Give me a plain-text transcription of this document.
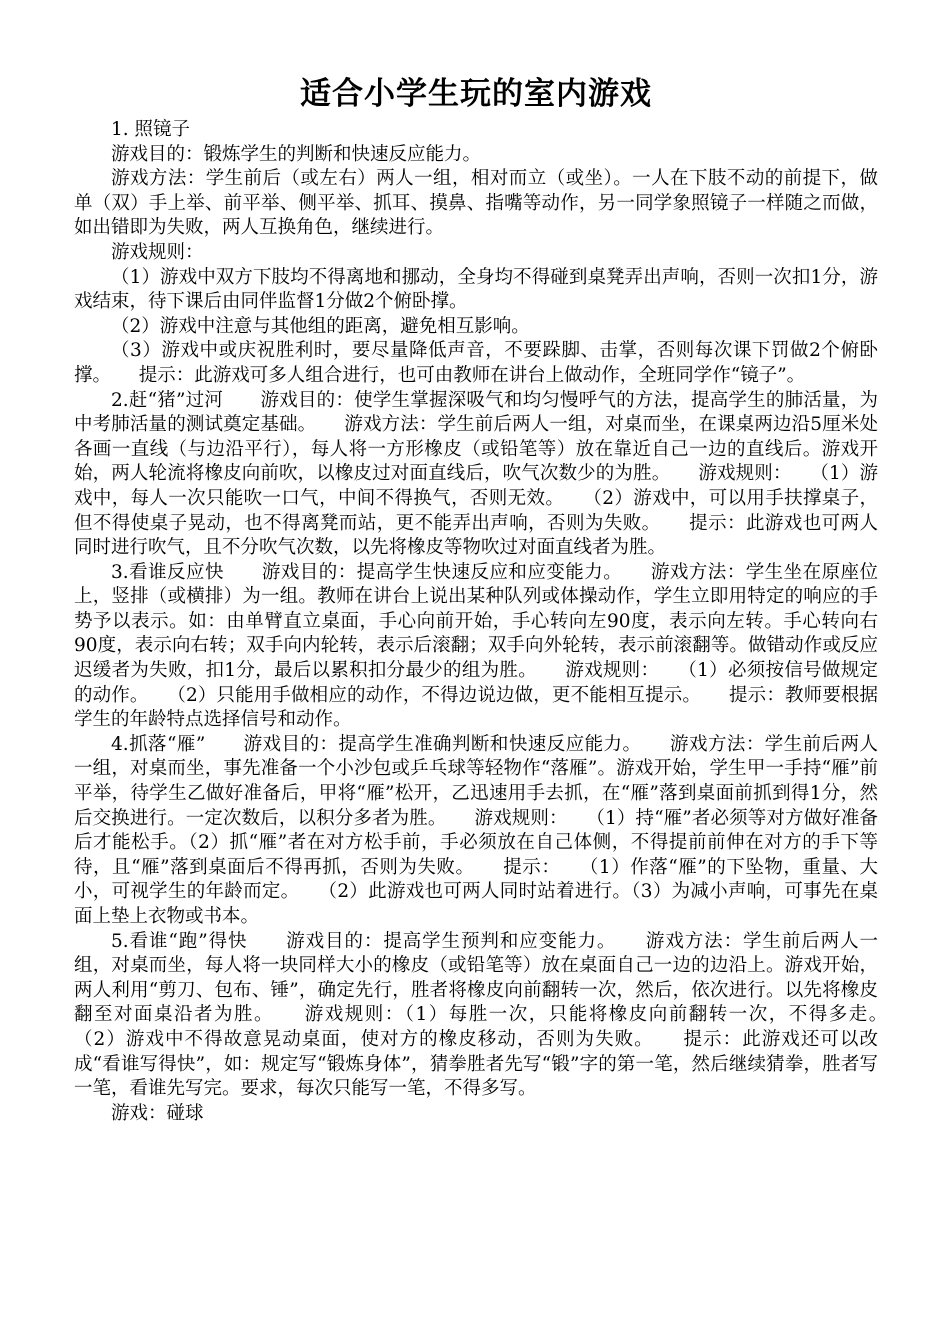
适合小学生玩的室内游戏

1. 照镜子

游戏目的：锻炼学生的判断和快速反应能力。

游戏方法：学生前后（或左右）两人一组，相对而立（或坐）。一人在下肢不动的前提下，做单（双）手上举、前平举、侧平举、抓耳、摸鼻、指嘴等动作，另一同学象照镜子一样随之而做，如出错即为失败，两人互换角色，继续进行。

游戏规则：

（1）游戏中双方下肢均不得离地和挪动，全身均不得碰到桌凳弄出声响，否则一次扣1分，游戏结束，待下课后由同伴监督1分做2个俯卧撑。

（2）游戏中注意与其他组的距离，避免相互影响。

（3）游戏中或庆祝胜利时，要尽量降低声音，不要跺脚、击掌，否则每次课下罚做2个俯卧撑。　　提示：此游戏可多人组合进行，也可由教师在讲台上做动作，全班同学作“镜子”。

2.赶“猪”过河　　游戏目的：使学生掌握深吸气和均匀慢呼气的方法，提高学生的肺活量，为中考肺活量的测试奠定基础。　　游戏方法：学生前后两人一组，对桌而坐，在课桌两边沿5厘米处各画一直线（与边沿平行），每人将一方形橡皮（或铅笔等）放在靠近自己一边的直线后。游戏开始，两人轮流将橡皮向前吹，以橡皮过对面直线后，吹气次数少的为胜。　　游戏规则：　　（1）游戏中，每人一次只能吹一口气，中间不得换气，否则无效。　　（2）游戏中，可以用手扶撑桌子，但不得使桌子晃动，也不得离凳而站，更不能弄出声响，否则为失败。　　提示：此游戏也可两人同时进行吹气，且不分吹气次数，以先将橡皮等物吹过对面直线者为胜。

3.看谁反应快　　游戏目的：提高学生快速反应和应变能力。　　游戏方法：学生坐在原座位上，竖排（或横排）为一组。教师在讲台上说出某种队列或体操动作，学生立即用特定的响应的手势予以表示。如：由单臂直立桌面，手心向前开始，手心转向左90度，表示向左转。手心转向右90度，表示向右转；双手向内轮转，表示后滚翻；双手向外轮转，表示前滚翻等。做错动作或反应迟缓者为失败，扣1分，最后以累积扣分最少的组为胜。　　游戏规则：　　（1）必须按信号做规定的动作。　　（2）只能用手做相应的动作，不得边说边做，更不能相互提示。　　提示：教师要根据学生的年龄特点选择信号和动作。

4.抓落“雁”　　游戏目的：提高学生准确判断和快速反应能力。　　游戏方法：学生前后两人一组，对桌而坐，事先准备一个小沙包或乒乓球等轻物作“落雁”。游戏开始，学生甲一手持“雁”前平举，待学生乙做好准备后，甲将“雁”松开，乙迅速用手去抓，在“雁”落到桌面前抓到得1分，然后交换进行。一定次数后，以积分多者为胜。　　游戏规则：　　（1）持“雁”者必须等对方做好准备后才能松手。（2）抓“雁”者在对方松手前，手必须放在自己体侧，不得提前前伸在对方的手下等待，且“雁”落到桌面后不得再抓，否则为失败。　　提示：　　（1）作落“雁”的下坠物，重量、大小，可视学生的年龄而定。　　（2）此游戏也可两人同时站着进行。（3）为减小声响，可事先在桌面上垫上衣物或书本。

5.看谁“跑”得快　　游戏目的：提高学生预判和应变能力。　　游戏方法：学生前后两人一组，对桌而坐，每人将一块同样大小的橡皮（或铅笔等）放在桌面自己一边的边沿上。游戏开始，两人利用“剪刀、包布、锤”，确定先行，胜者将橡皮向前翻转一次，然后，依次进行。以先将橡皮翻至对面桌沿者为胜。　　游戏规则：（1）每胜一次，只能将橡皮向前翻转一次，不得多走。　　（2）游戏中不得故意晃动桌面，使对方的橡皮移动，否则为失败。　　提示：此游戏还可以改成“看谁写得快”，如：规定写“锻炼身体”，猜拳胜者先写“锻”字的第一笔，然后继续猜拳，胜者写一笔，看谁先写完。要求，每次只能写一笔，不得多写。

游戏：碰球
